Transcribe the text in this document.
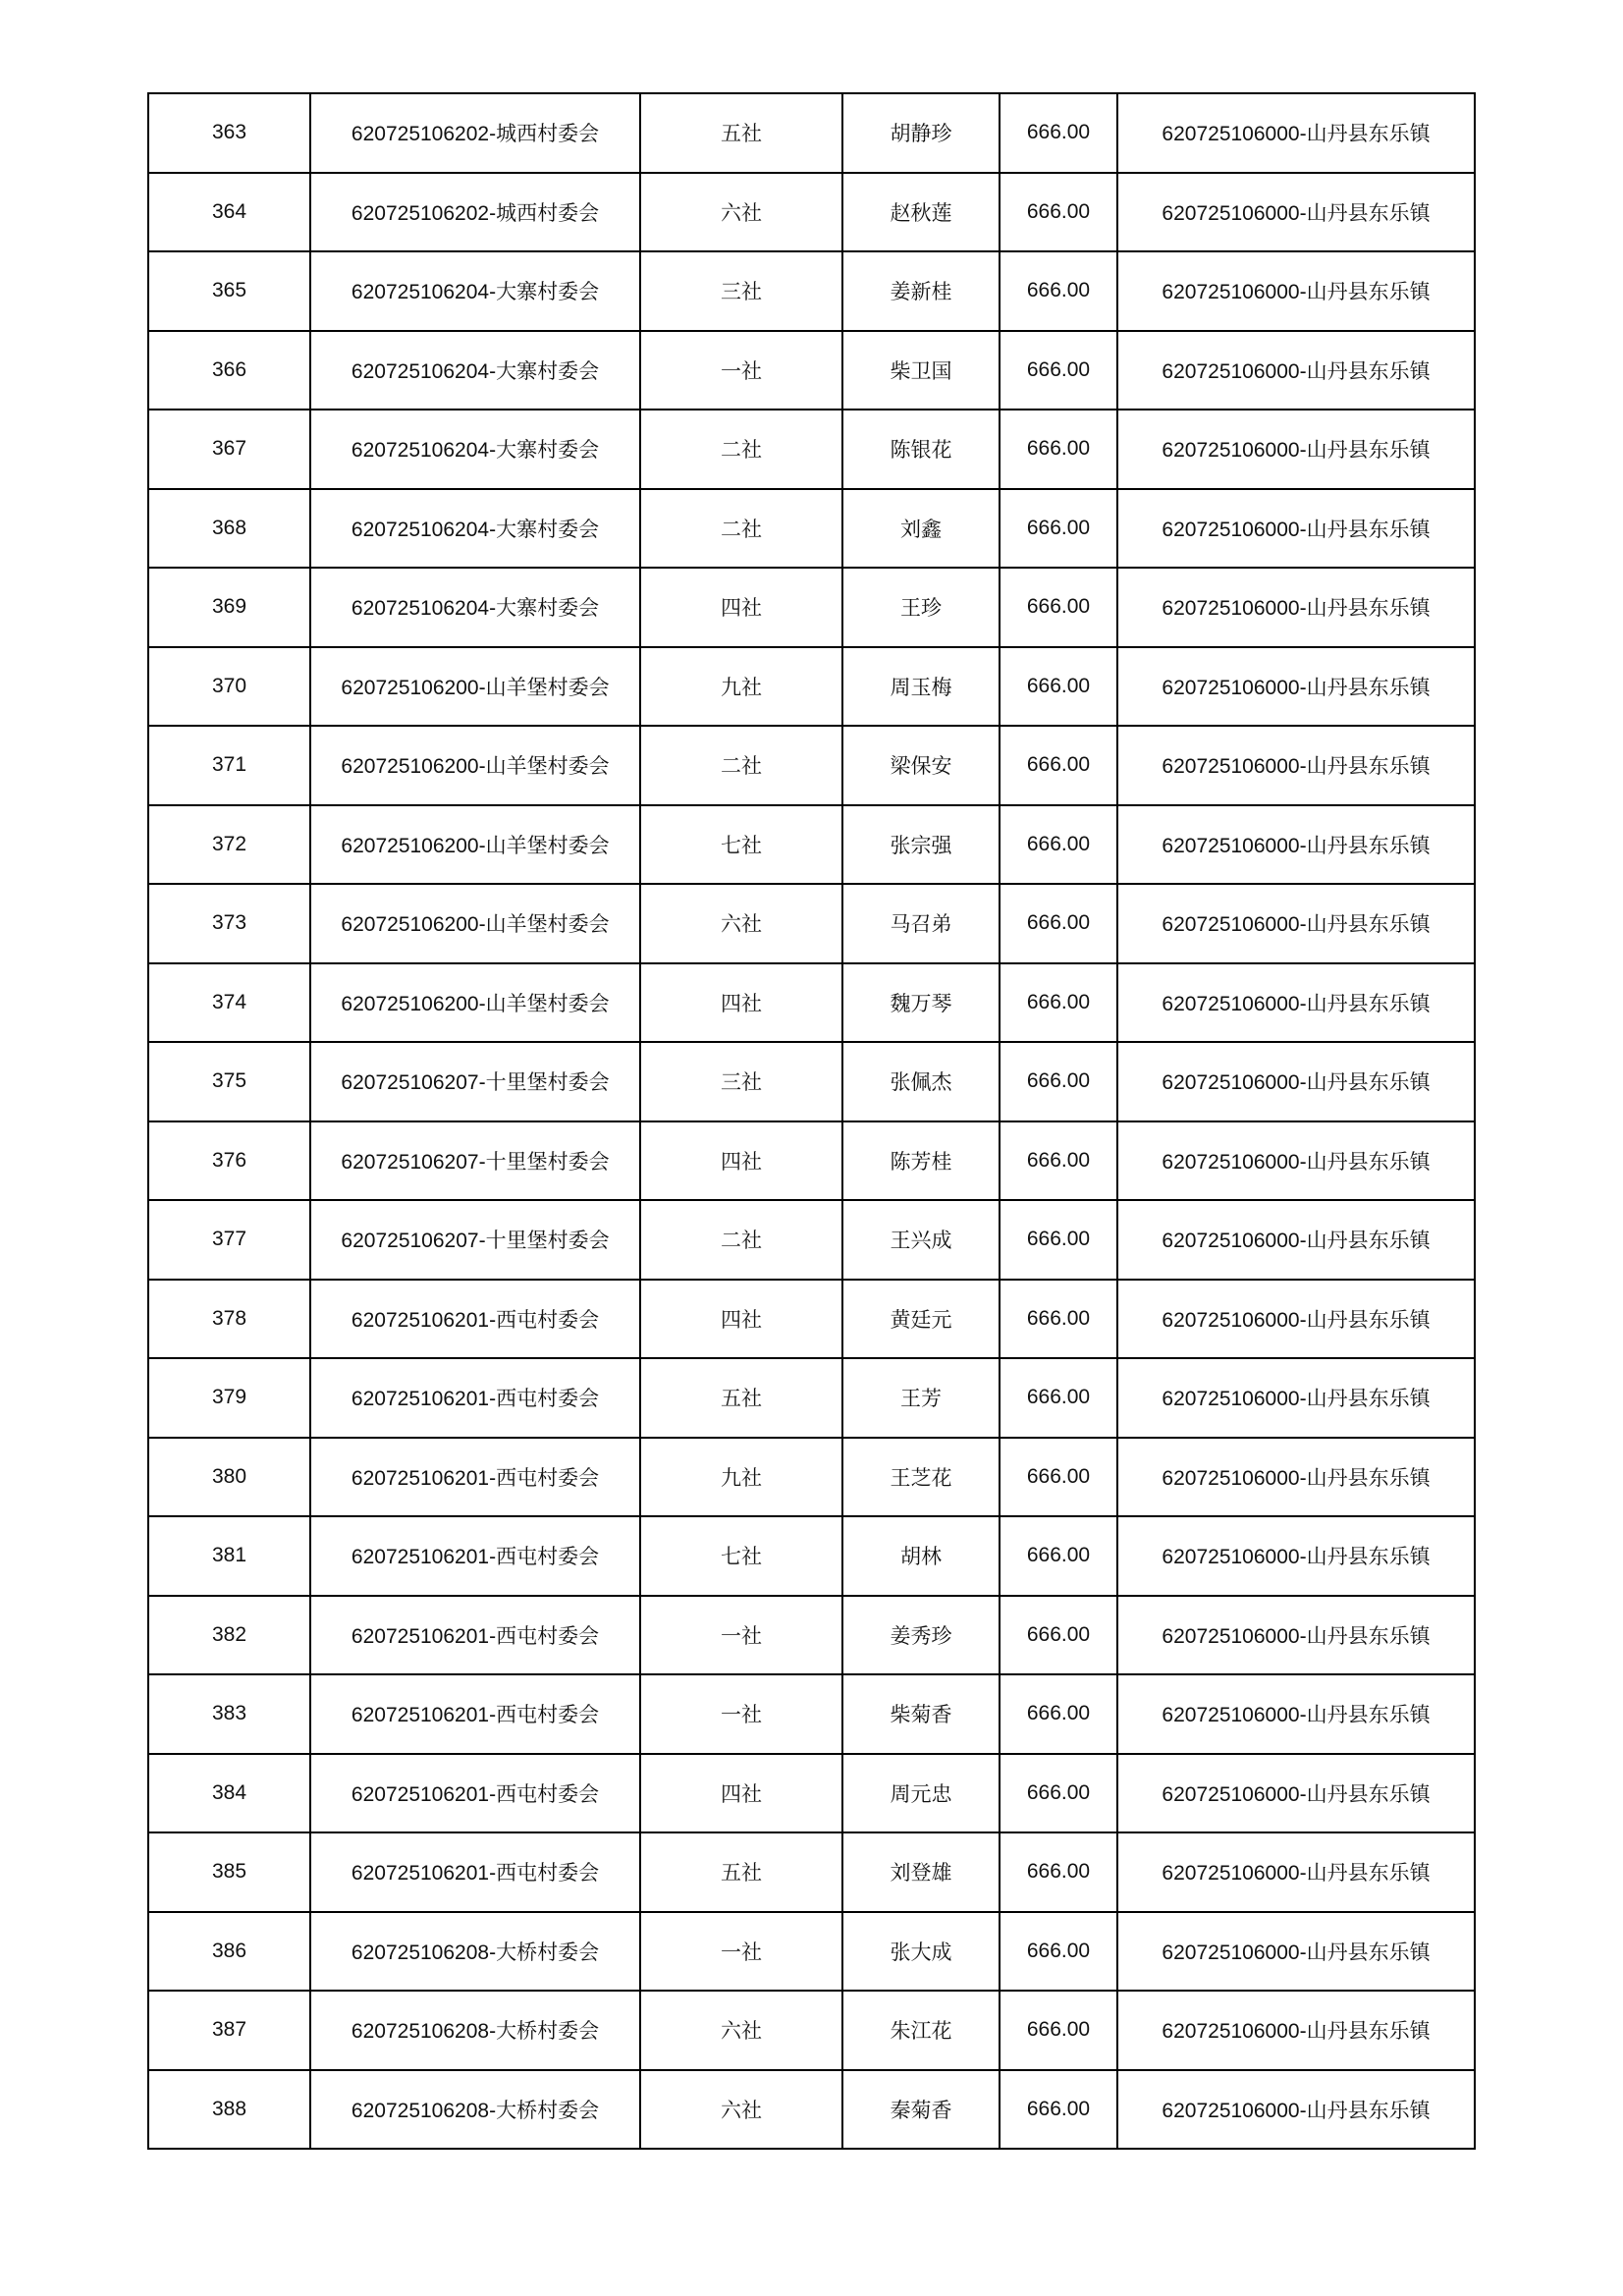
363	620725106202-城西村委会	五社	胡静珍	666.00	620725106000-山丹县东乐镇
364	620725106202-城西村委会	六社	赵秋莲	666.00	620725106000-山丹县东乐镇
365	620725106204-大寨村委会	三社	姜新桂	666.00	620725106000-山丹县东乐镇
366	620725106204-大寨村委会	一社	柴卫国	666.00	620725106000-山丹县东乐镇
367	620725106204-大寨村委会	二社	陈银花	666.00	620725106000-山丹县东乐镇
368	620725106204-大寨村委会	二社	刘鑫	666.00	620725106000-山丹县东乐镇
369	620725106204-大寨村委会	四社	王珍	666.00	620725106000-山丹县东乐镇
370	620725106200-山羊堡村委会	九社	周玉梅	666.00	620725106000-山丹县东乐镇
371	620725106200-山羊堡村委会	二社	梁保安	666.00	620725106000-山丹县东乐镇
372	620725106200-山羊堡村委会	七社	张宗强	666.00	620725106000-山丹县东乐镇
373	620725106200-山羊堡村委会	六社	马召弟	666.00	620725106000-山丹县东乐镇
374	620725106200-山羊堡村委会	四社	魏万琴	666.00	620725106000-山丹县东乐镇
375	620725106207-十里堡村委会	三社	张佩杰	666.00	620725106000-山丹县东乐镇
376	620725106207-十里堡村委会	四社	陈芳桂	666.00	620725106000-山丹县东乐镇
377	620725106207-十里堡村委会	二社	王兴成	666.00	620725106000-山丹县东乐镇
378	620725106201-西屯村委会	四社	黄廷元	666.00	620725106000-山丹县东乐镇
379	620725106201-西屯村委会	五社	王芳	666.00	620725106000-山丹县东乐镇
380	620725106201-西屯村委会	九社	王芝花	666.00	620725106000-山丹县东乐镇
381	620725106201-西屯村委会	七社	胡林	666.00	620725106000-山丹县东乐镇
382	620725106201-西屯村委会	一社	姜秀珍	666.00	620725106000-山丹县东乐镇
383	620725106201-西屯村委会	一社	柴菊香	666.00	620725106000-山丹县东乐镇
384	620725106201-西屯村委会	四社	周元忠	666.00	620725106000-山丹县东乐镇
385	620725106201-西屯村委会	五社	刘登雄	666.00	620725106000-山丹县东乐镇
386	620725106208-大桥村委会	一社	张大成	666.00	620725106000-山丹县东乐镇
387	620725106208-大桥村委会	六社	朱江花	666.00	620725106000-山丹县东乐镇
388	620725106208-大桥村委会	六社	秦菊香	666.00	620725106000-山丹县东乐镇
